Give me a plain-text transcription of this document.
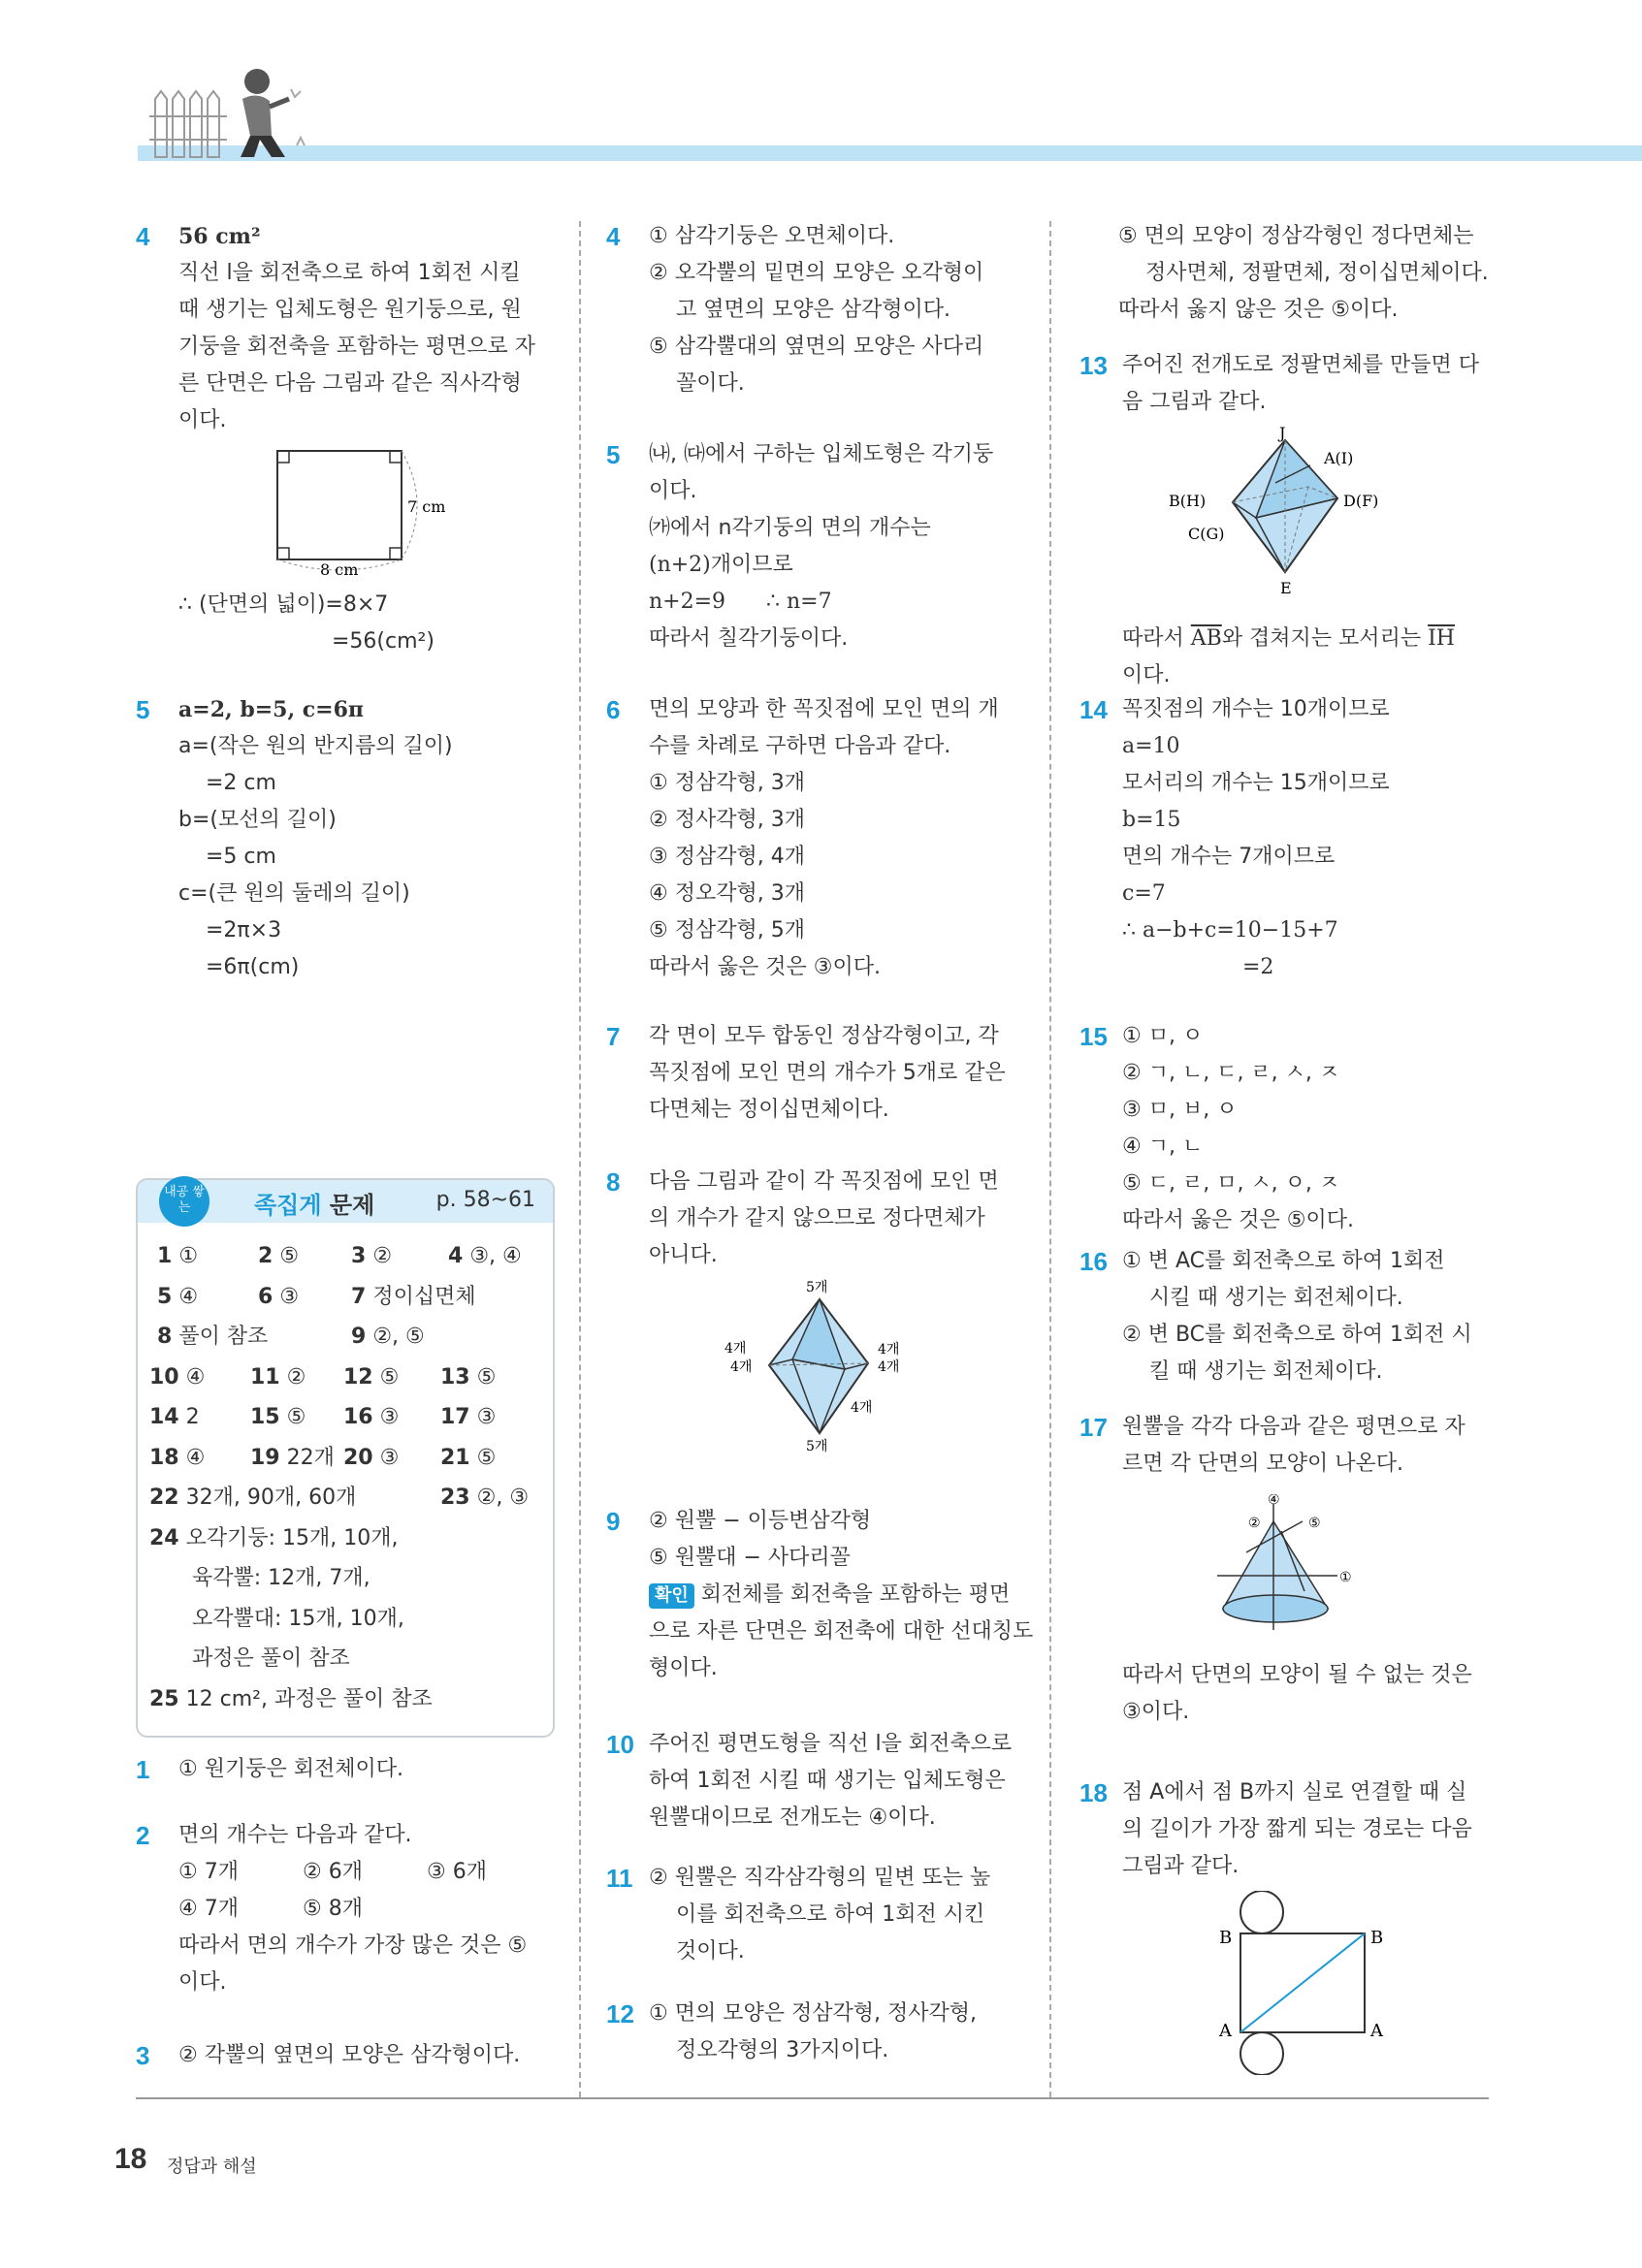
4 56 cm²
직선 l을 회전축으로 하여 1회전 시킬
때 생기는 입체도형은 원기둥으로, 원
기둥을 회전축을 포함하는 평면으로 자
른 단면은 다음 그림과 같은 직사각형
이다.
7 cm
8 cm
∴ (단면의 넓이)=8×7
=56(cm²)
5 a=2, b=5, c=6π
a=(작은 원의 반지름의 길이)
=2 cm
b=(모선의 길이)
=5 cm
c=(큰 원의 둘레의 길이)
=2π×3
=6π(cm)
내공 쌓는	족집게 문제	p. 58~61
1 ①	2 ⑤ 3 ②	4 ③, ④
5 ④	6 ③ 7 정이십면체
8 풀이 참조	9 ②, ⑤
10 ④ 11 ② 12 ⑤ 13 ⑤
14 2 15 ⑤ 16 ③ 17 ③
18 ④ 19 22개 20 ③ 21 ⑤
22 32개, 90개, 60개	23 ②, ③
24 오각기둥: 15개, 10개,
육각뿔: 12개, 7개,
오각뿔대: 15개, 10개,
과정은 풀이 참조
25 12 cm², 과정은 풀이 참조
1 ① 원기둥은 회전체이다.
2 면의 개수는 다음과 같다.
① 7개	② 6개	③ 6개
④ 7개	⑤ 8개
따라서 면의 개수가 가장 많은 것은 ⑤
이다.
3 ② 각뿔의 옆면의 모양은 삼각형이다.
4 ① 삼각기둥은 오면체이다.
② 오각뿔의 밑면의 모양은 오각형이
고 옆면의 모양은 삼각형이다.
⑤ 삼각뿔대의 옆면의 모양은 사다리
꼴이다.
5 ㈏, ㈐에서 구하는 입체도형은 각기둥
이다.
㈎에서 n각기둥의 면의 개수는
(n+2)개이므로
n+2=9      ∴ n=7
따라서 칠각기둥이다.
6 면의 모양과 한 꼭짓점에 모인 면의 개
수를 차례로 구하면 다음과 같다.
① 정삼각형, 3개
② 정사각형, 3개
③ 정삼각형, 4개
④ 정오각형, 3개
⑤ 정삼각형, 5개
따라서 옳은 것은 ③이다.
7 각 면이 모두 합동인 정삼각형이고, 각
꼭짓점에 모인 면의 개수가 5개로 같은
다면체는 정이십면체이다.
8 다음 그림과 같이 각 꼭짓점에 모인 면
의 개수가 같지 않으므로 정다면체가
아니다.
5개
4개
4개
4개
4개
4개
5개
9 ② 원뿔 − 이등변삼각형
⑤ 원뿔대 − 사다리꼴
확인 회전체를 회전축을 포함하는 평면
으로 자른 단면은 회전축에 대한 선대칭도
형이다.
10 주어진 평면도형을 직선 l을 회전축으로
하여 1회전 시킬 때 생기는 입체도형은
원뿔대이므로 전개도는 ④이다.
11 ② 원뿔은 직각삼각형의 밑변 또는 높
이를 회전축으로 하여 1회전 시킨
것이다.
12 ① 면의 모양은 정삼각형, 정사각형,
정오각형의 3가지이다.
⑤ 면의 모양이 정삼각형인 정다면체는
정사면체, 정팔면체, 정이십면체이다.
따라서 옳지 않은 것은 ⑤이다.
13 주어진 전개도로 정팔면체를 만들면 다
음 그림과 같다.
J
A(I)
B(H)	D(F)
C(G)
E
따라서 $\overline{AB}$와 겹쳐지는 모서리는 $\overline{IH}$
이다.
14 꼭짓점의 개수는 10개이므로
a=10
모서리의 개수는 15개이므로
b=15
면의 개수는 7개이므로
c=7
∴ a−b+c=10−15+7
=2
15 ① ㅁ, ㅇ
② ㄱ, ㄴ, ㄷ, ㄹ, ㅅ, ㅈ
③ ㅁ, ㅂ, ㅇ
④ ㄱ, ㄴ
⑤ ㄷ, ㄹ, ㅁ, ㅅ, ㅇ, ㅈ
따라서 옳은 것은 ⑤이다.
16 ① 변 AC를 회전축으로 하여 1회전
시킬 때 생기는 회전체이다.
② 변 BC를 회전축으로 하여 1회전 시
킬 때 생기는 회전체이다.
17 원뿔을 각각 다음과 같은 평면으로 자
르면 각 단면의 모양이 나온다.
④
②	⑤
①
따라서 단면의 모양이 될 수 없는 것은
③이다.
18 점 A에서 점 B까지 실로 연결할 때 실
의 길이가 가장 짧게 되는 경로는 다음
그림과 같다.
B	B
A	A
18 정답과 해설
